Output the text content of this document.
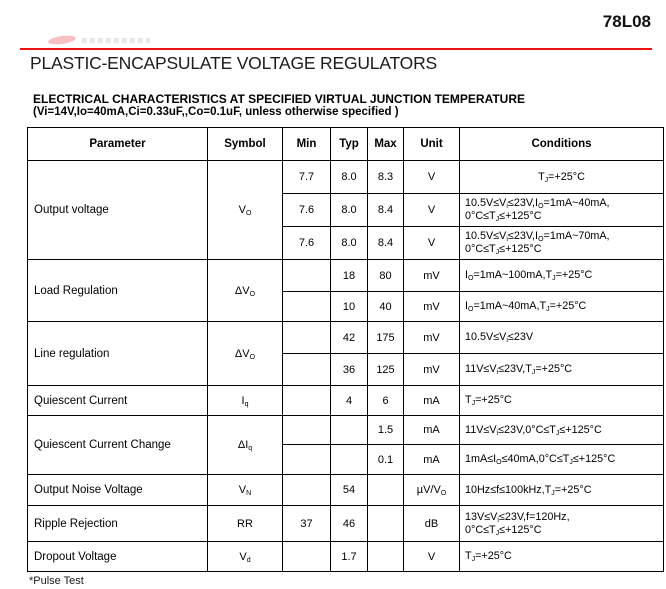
78L08
PLASTIC-ENCAPSULATE VOLTAGE REGULATORS
ELECTRICAL CHARACTERISTICS AT SPECIFIED VIRTUAL JUNCTION TEMPERATURE
(Vi=14V,Io=40mA,Ci=0.33uF,,Co=0.1uF, unless otherwise specified )
Parameter	Symbol	Min	Typ	Max	Unit	Conditions
Output voltage	$V_O$	7.7	8.0	8.3	V	$T_J=+25^\circ C$
		7.6	8.0	8.4	V	$10.5V\le V_i\le 23V,I_O=1mA\sim 40mA$,
$0^\circ C\le T_J\le+125^\circ C$
		7.6	8.0	8.4	V	$10.5V\le V_i\le 23V,I_O=1mA\sim 70mA$,
$0^\circ C\le T_J\le+125^\circ C$
Load Regulation	$\Delta V_O$		18	80	mV	$I_O=1mA\sim 100mA,T_J=+25^\circ C$
			10	40	mV	$I_O=1mA\sim 40mA,T_J=+25^\circ C$
Line regulation	$\Delta V_O$		42	175	mV	$10.5V\le V_i\le 23V$
			36	125	mV	$11V\le V_i\le 23V,T_J=+25^\circ C$
Quiescent Current	$I_q$		4	6	mA	$T_J=+25^\circ C$
Quiescent Current Change	$\Delta I_q$			1.5	mA	$11V\le V_i\le 23V,0^\circ C\le T_J\le+125^\circ C$
				0.1	mA	$1mA\le I_O\le 40mA,0^\circ C\le T_J\le+125^\circ C$
Output Noise Voltage	$V_N$		54		$\mu V/V_O$	$10Hz\le f\le 100kHz,T_J=+25^\circ C$
Ripple Rejection	RR	37	46		dB	$13V\le V_i\le 23V,f=120Hz$,
$0^\circ C\le T_J\le+125^\circ C$
Dropout Voltage	$V_d$		1.7		V	$T_J=+25^\circ C$
*Pulse Test
